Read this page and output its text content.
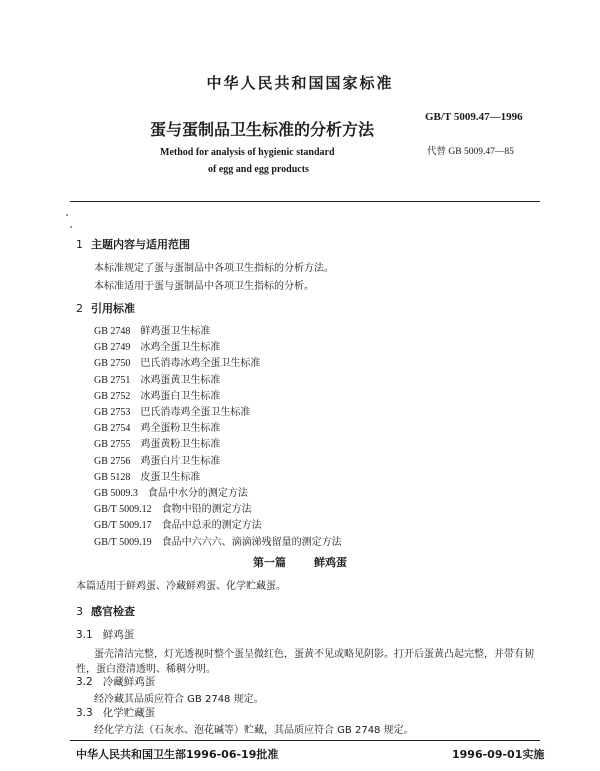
中华人民共和国国家标准
蛋与蛋制品卫生标准的分析方法
GB/T 5009.47—1996
Method for analysis of hygienic standard
of egg and egg products
代替 GB 5009.47—85
1 主题内容与适用范围
本标准规定了蛋与蛋制品中各项卫生指标的分析方法。
本标准适用于蛋与蛋制品中各项卫生指标的分析。
2 引用标准
GB 2748 鲜鸡蛋卫生标准
GB 2749 冰鸡全蛋卫生标准
GB 2750 巴氏消毒冰鸡全蛋卫生标准
GB 2751 冰鸡蛋黄卫生标准
GB 2752 冰鸡蛋白卫生标准
GB 2753 巴氏消毒鸡全蛋卫生标准
GB 2754 鸡全蛋粉卫生标准
GB 2755 鸡蛋黄粉卫生标准
GB 2756 鸡蛋白片卫生标准
GB 5128 皮蛋卫生标准
GB 5009.3 食品中水分的测定方法
GB/T 5009.12 食物中铅的测定方法
GB/T 5009.17 食品中总汞的测定方法
GB/T 5009.19 食品中六六六、滴滴涕残留量的测定方法
第一篇	鲜鸡蛋
本篇适用于鲜鸡蛋、冷藏鲜鸡蛋、化学贮藏蛋。
3 感官检查
3.1 鲜鸡蛋
蛋壳清洁完整，灯光透视时整个蛋呈微红色，蛋黄不见或略见阴影。打开后蛋黄凸起完整，并带有韧
性，蛋白澄清透明、稀稠分明。
3.2 冷藏鲜鸡蛋
经冷藏其品质应符合 GB 2748 规定。
3.3 化学贮藏蛋
经化学方法（石灰水、泡花碱等）贮藏，其品质应符合 GB 2748 规定。
中华人民共和国卫生部1996-06-19批准	1996-09-01实施
